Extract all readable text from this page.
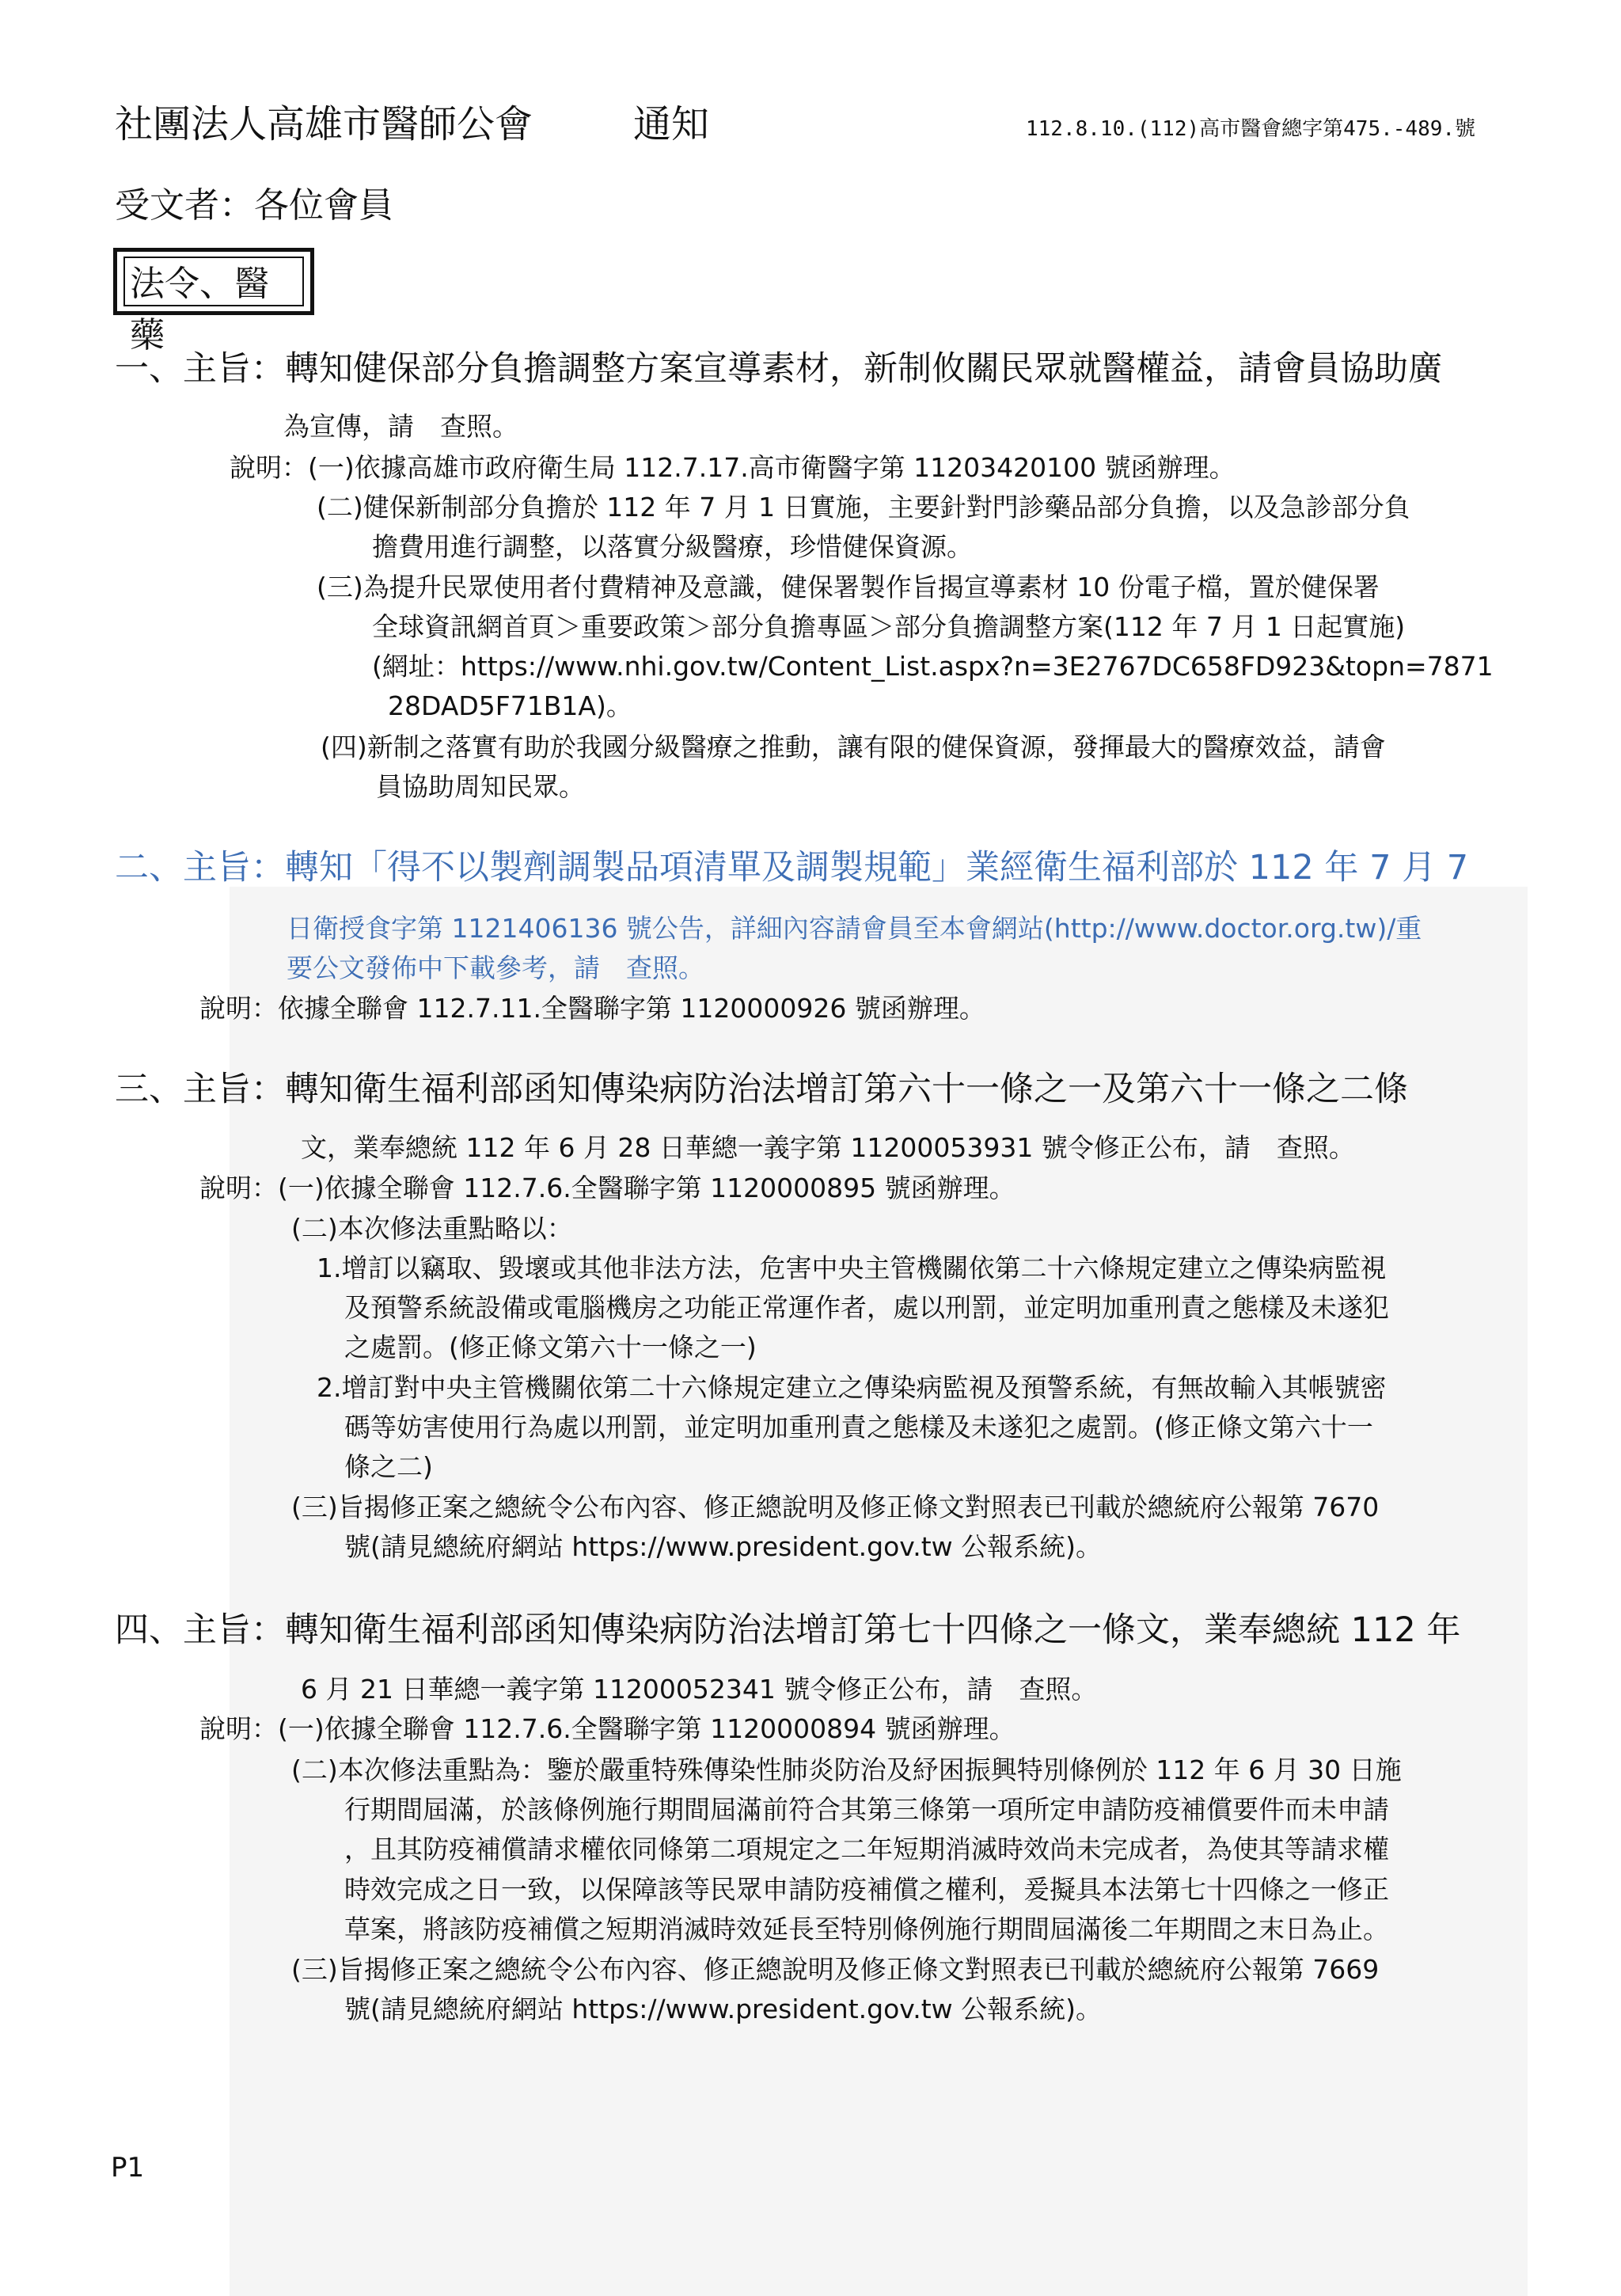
社團法人高雄市醫師公會	通知	112.8.10.(112)高市醫會總字第475.-489.號
受文者：各位會員
法令、醫藥
一、主旨：轉知健保部分負擔調整方案宣導素材，新制攸關民眾就醫權益，請會員協助廣
為宣傳，請　查照。
說明：(一)依據高雄市政府衛生局 112.7.17.高市衛醫字第 11203420100 號函辦理。
(二)健保新制部分負擔於 112 年 7 月 1 日實施，主要針對門診藥品部分負擔，以及急診部分負
擔費用進行調整，以落實分級醫療，珍惜健保資源。
(三)為提升民眾使用者付費精神及意識，健保署製作旨揭宣導素材 10 份電子檔，置於健保署
全球資訊網首頁＞重要政策＞部分負擔專區＞部分負擔調整方案(112 年 7 月 1 日起實施)
(網址：https://www.nhi.gov.tw/Content_List.aspx?n=3E2767DC658FD923&topn=7871
28DAD5F71B1A)。
(四)新制之落實有助於我國分級醫療之推動，讓有限的健保資源，發揮最大的醫療效益，請會
員協助周知民眾。
二、主旨：轉知「得不以製劑調製品項清單及調製規範」業經衛生福利部於 112 年 7 月 7
日衛授食字第 1121406136 號公告，詳細內容請會員至本會網站(http://www.doctor.org.tw)/重
要公文發佈中下載參考，請　查照。
說明：依據全聯會 112.7.11.全醫聯字第 1120000926 號函辦理。
三、主旨：轉知衛生福利部函知傳染病防治法增訂第六十一條之一及第六十一條之二條
文，業奉總統 112 年 6 月 28 日華總一義字第 11200053931 號令修正公布，請　查照。
說明：(一)依據全聯會 112.7.6.全醫聯字第 1120000895 號函辦理。
(二)本次修法重點略以：
1.增訂以竊取、毀壞或其他非法方法，危害中央主管機關依第二十六條規定建立之傳染病監視
及預警系統設備或電腦機房之功能正常運作者，處以刑罰，並定明加重刑責之態樣及未遂犯
之處罰。(修正條文第六十一條之一)
2.增訂對中央主管機關依第二十六條規定建立之傳染病監視及預警系統，有無故輸入其帳號密
碼等妨害使用行為處以刑罰，並定明加重刑責之態樣及未遂犯之處罰。(修正條文第六十一
條之二)
(三)旨揭修正案之總統令公布內容、修正總說明及修正條文對照表已刊載於總統府公報第 7670
號(請見總統府網站 https://www.president.gov.tw 公報系統)。
四、主旨：轉知衛生福利部函知傳染病防治法增訂第七十四條之一條文，業奉總統 112 年
6 月 21 日華總一義字第 11200052341 號令修正公布，請　查照。
說明：(一)依據全聯會 112.7.6.全醫聯字第 1120000894 號函辦理。
(二)本次修法重點為：鑒於嚴重特殊傳染性肺炎防治及紓困振興特別條例於 112 年 6 月 30 日施
行期間屆滿，於該條例施行期間屆滿前符合其第三條第一項所定申請防疫補償要件而未申請
，且其防疫補償請求權依同條第二項規定之二年短期消滅時效尚未完成者，為使其等請求權
時效完成之日一致，以保障該等民眾申請防疫補償之權利，爰擬具本法第七十四條之一修正
草案，將該防疫補償之短期消滅時效延長至特別條例施行期間屆滿後二年期間之末日為止。
(三)旨揭修正案之總統令公布內容、修正總說明及修正條文對照表已刊載於總統府公報第 7669
號(請見總統府網站 https://www.president.gov.tw 公報系統)。
P1
